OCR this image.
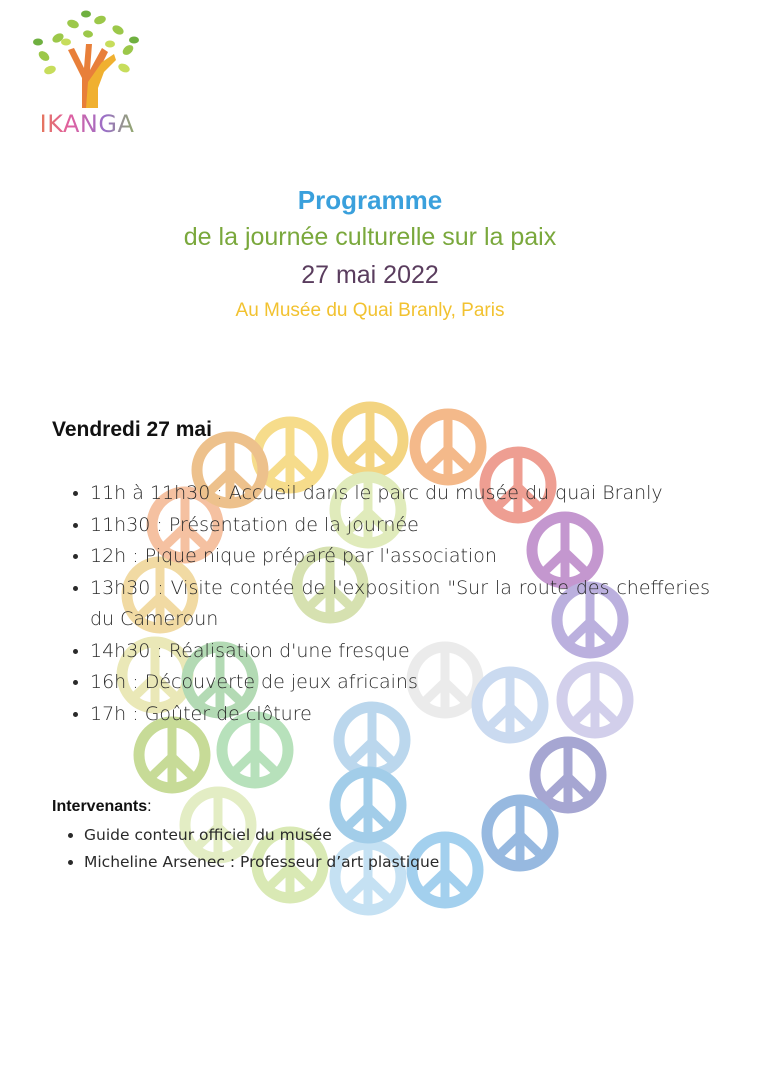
IKANGA
Programme
de la journée culturelle sur la paix
27 mai 2022
Au Musée du Quai Branly, Paris
Vendredi 27 mai
• 11h à 11h30 : Accueil dans le parc du musée du quai Branly
• 11h30 : Présentation de la journée
• 12h : Pique nique préparé par l'association
• 13h30 : Visite contée de l'exposition "Sur la route des chefferies du Cameroun
• 14h30 : Réalisation d'une fresque
• 16h : Découverte de jeux africains
• 17h : Goûter de clôture
Intervenants:
• Guide conteur officiel du musée
• Micheline Arsenec : Professeur d’art plastique
